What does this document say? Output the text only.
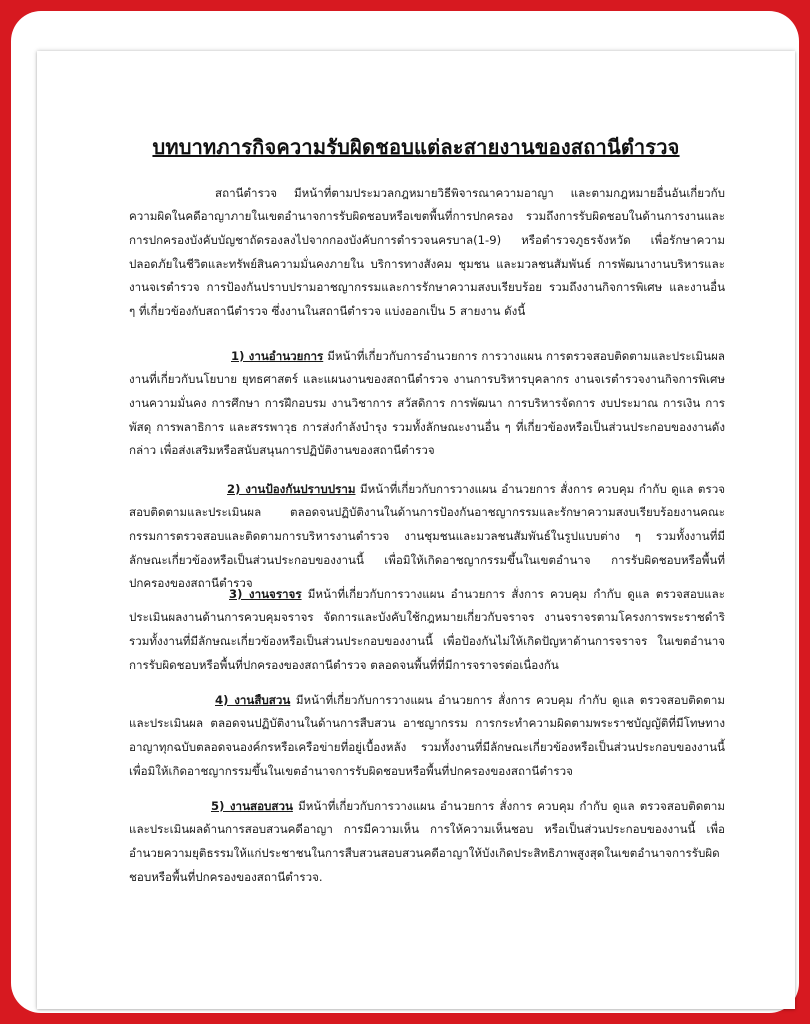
บทบาทภารกิจความรับผิดชอบแต่ละสายงานของสถานีตำรวจ

สถานีตำรวจ มีหน้าที่ตามประมวลกฎหมายวิธีพิจารณาความอาญา และตามกฎหมายอื่นอันเกี่ยวกับความผิดในคดีอาญาภายในเขตอำนาจการรับผิดชอบหรือเขตพื้นที่การปกครอง รวมถึงการรับผิดชอบในด้านการงานและการปกครองบังคับบัญชาถัดรองลงไปจากกองบังคับการตำรวจนครบาล(1-9) หรือตำรวจภูธรจังหวัด เพื่อรักษาความปลอดภัยในชีวิตและทรัพย์สินความมั่นคงภายใน บริการทางสังคม ชุมชน และมวลชนสัมพันธ์ การพัฒนางานบริหารและงานจเรตำรวจ การป้องกันปราบปรามอาชญากรรมและการรักษาความสงบเรียบร้อย รวมถึงงานกิจการพิเศษ และงานอื่น ๆ ที่เกี่ยวข้องกับสถานีตำรวจ ซึ่งงานในสถานีตำรวจ แบ่งออกเป็น 5 สายงาน ดังนี้

1) งานอำนวยการ มีหน้าที่เกี่ยวกับการอำนวยการ การวางแผน การตรวจสอบติดตามและประเมินผลงานที่เกี่ยวกับนโยบาย ยุทธศาสตร์ และแผนงานของสถานีตำรวจ งานการบริหารบุคลากร งานจเรตำรวจงานกิจการพิเศษ งานความมั่นคง การศึกษา การฝึกอบรม งานวิชาการ สวัสดิการ การพัฒนา การบริหารจัดการ งบประมาณ การเงิน การพัสดุ การพลาธิการ และสรรพาวุธ การส่งกำลังบำรุง รวมทั้งลักษณะงานอื่น ๆ ที่เกี่ยวข้องหรือเป็นส่วนประกอบของงานดังกล่าว เพื่อส่งเสริมหรือสนับสนุนการปฏิบัติงานของสถานีตำรวจ

2) งานป้องกันปราบปราม มีหน้าที่เกี่ยวกับการวางแผน อำนวยการ สั่งการ ควบคุม กำกับ ดูแล ตรวจสอบติดตามและประเมินผล ตลอดจนปฏิบัติงานในด้านการป้องกันอาชญากรรมและรักษาความสงบเรียบร้อยงานคณะกรรมการตรวจสอบและติดตามการบริหารงานตำรวจ งานชุมชนและมวลชนสัมพันธ์ในรูปแบบต่าง ๆ รวมทั้งงานที่มีลักษณะเกี่ยวข้องหรือเป็นส่วนประกอบของงานนี้ เพื่อมิให้เกิดอาชญากรรมขึ้นในเขตอำนาจ การรับผิดชอบหรือพื้นที่ปกครองของสถานีตำรวจ

3) งานจราจร มีหน้าที่เกี่ยวกับการวางแผน อำนวยการ สั่งการ ควบคุม กำกับ ดูแล ตรวจสอบและประเมินผลงานด้านการควบคุมจราจร จัดการและบังคับใช้กฎหมายเกี่ยวกับจราจร งานจราจรตามโครงการพระราชดำริ รวมทั้งงานที่มีลักษณะเกี่ยวข้องหรือเป็นส่วนประกอบของงานนี้ เพื่อป้องกันไม่ให้เกิดปัญหาด้านการจราจร ในเขตอำนาจการรับผิดชอบหรือพื้นที่ปกครองของสถานีตำรวจ ตลอดจนพื้นที่ที่มีการจราจรต่อเนื่องกัน

4) งานสืบสวน มีหน้าที่เกี่ยวกับการวางแผน อำนวยการ สั่งการ ควบคุม กำกับ ดูแล ตรวจสอบติดตามและประเมินผล ตลอดจนปฏิบัติงานในด้านการสืบสวน อาชญากรรม การกระทำความผิดตามพระราชบัญญัติที่มีโทษทางอาญาทุกฉบับตลอดจนองค์กรหรือเครือข่ายที่อยู่เบื้องหลัง รวมทั้งงานที่มีลักษณะเกี่ยวข้องหรือเป็นส่วนประกอบของงานนี้ เพื่อมิให้เกิดอาชญากรรมขึ้นในเขตอำนาจการรับผิดชอบหรือพื้นที่ปกครองของสถานีตำรวจ

5) งานสอบสวน มีหน้าที่เกี่ยวกับการวางแผน อำนวยการ สั่งการ ควบคุม กำกับ ดูแล ตรวจสอบติดตามและประเมินผลด้านการสอบสวนคดีอาญา การมีความเห็น การให้ความเห็นชอบ หรือเป็นส่วนประกอบของงานนี้ เพื่ออำนวยความยุติธรรมให้แก่ประชาชนในการสืบสวนสอบสวนคดีอาญาให้บังเกิดประสิทธิภาพสูงสุดในเขตอำนาจการรับผิดชอบหรือพื้นที่ปกครองของสถานีตำรวจ.
